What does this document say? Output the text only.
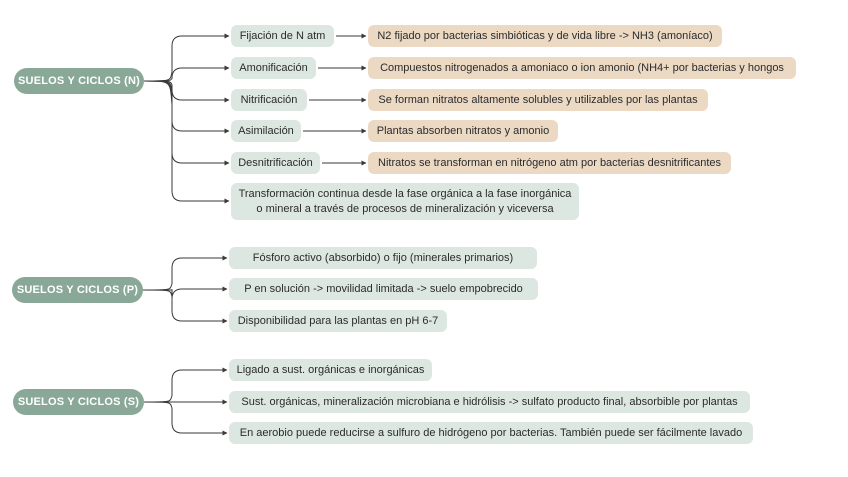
SUELOS Y CICLOS (N)
Fijación de N atm	N2 fijado por bacterias simbióticas y de vida libre -> NH3 (amoníaco)
Amonificación	Compuestos nitrogenados a amoniaco o ion amonio (NH4+ por bacterias y hongos
Nitrificación	Se forman nitratos altamente solubles y utilizables por las plantas
Asimilación	Plantas absorben nitratos y amonio
Desnitrificación	Nitratos se transforman en nitrógeno atm por bacterias desnitrificantes
Transformación continua desde la fase orgánica a la fase inorgánica o mineral a través de procesos de mineralización y viceversa
SUELOS Y CICLOS (P)
Fósforo activo (absorbido) o fijo (minerales primarios)
P en solución -> movilidad limitada -> suelo empobrecido
Disponibilidad para las plantas en pH 6-7
SUELOS Y CICLOS (S)
Ligado a sust. orgánicas e inorgánicas
Sust. orgánicas, mineralización microbiana e hidrólisis -> sulfato producto final, absorbible por plantas
En aerobio puede reducirse a sulfuro de hidrógeno por bacterias. También puede ser fácilmente lavado
